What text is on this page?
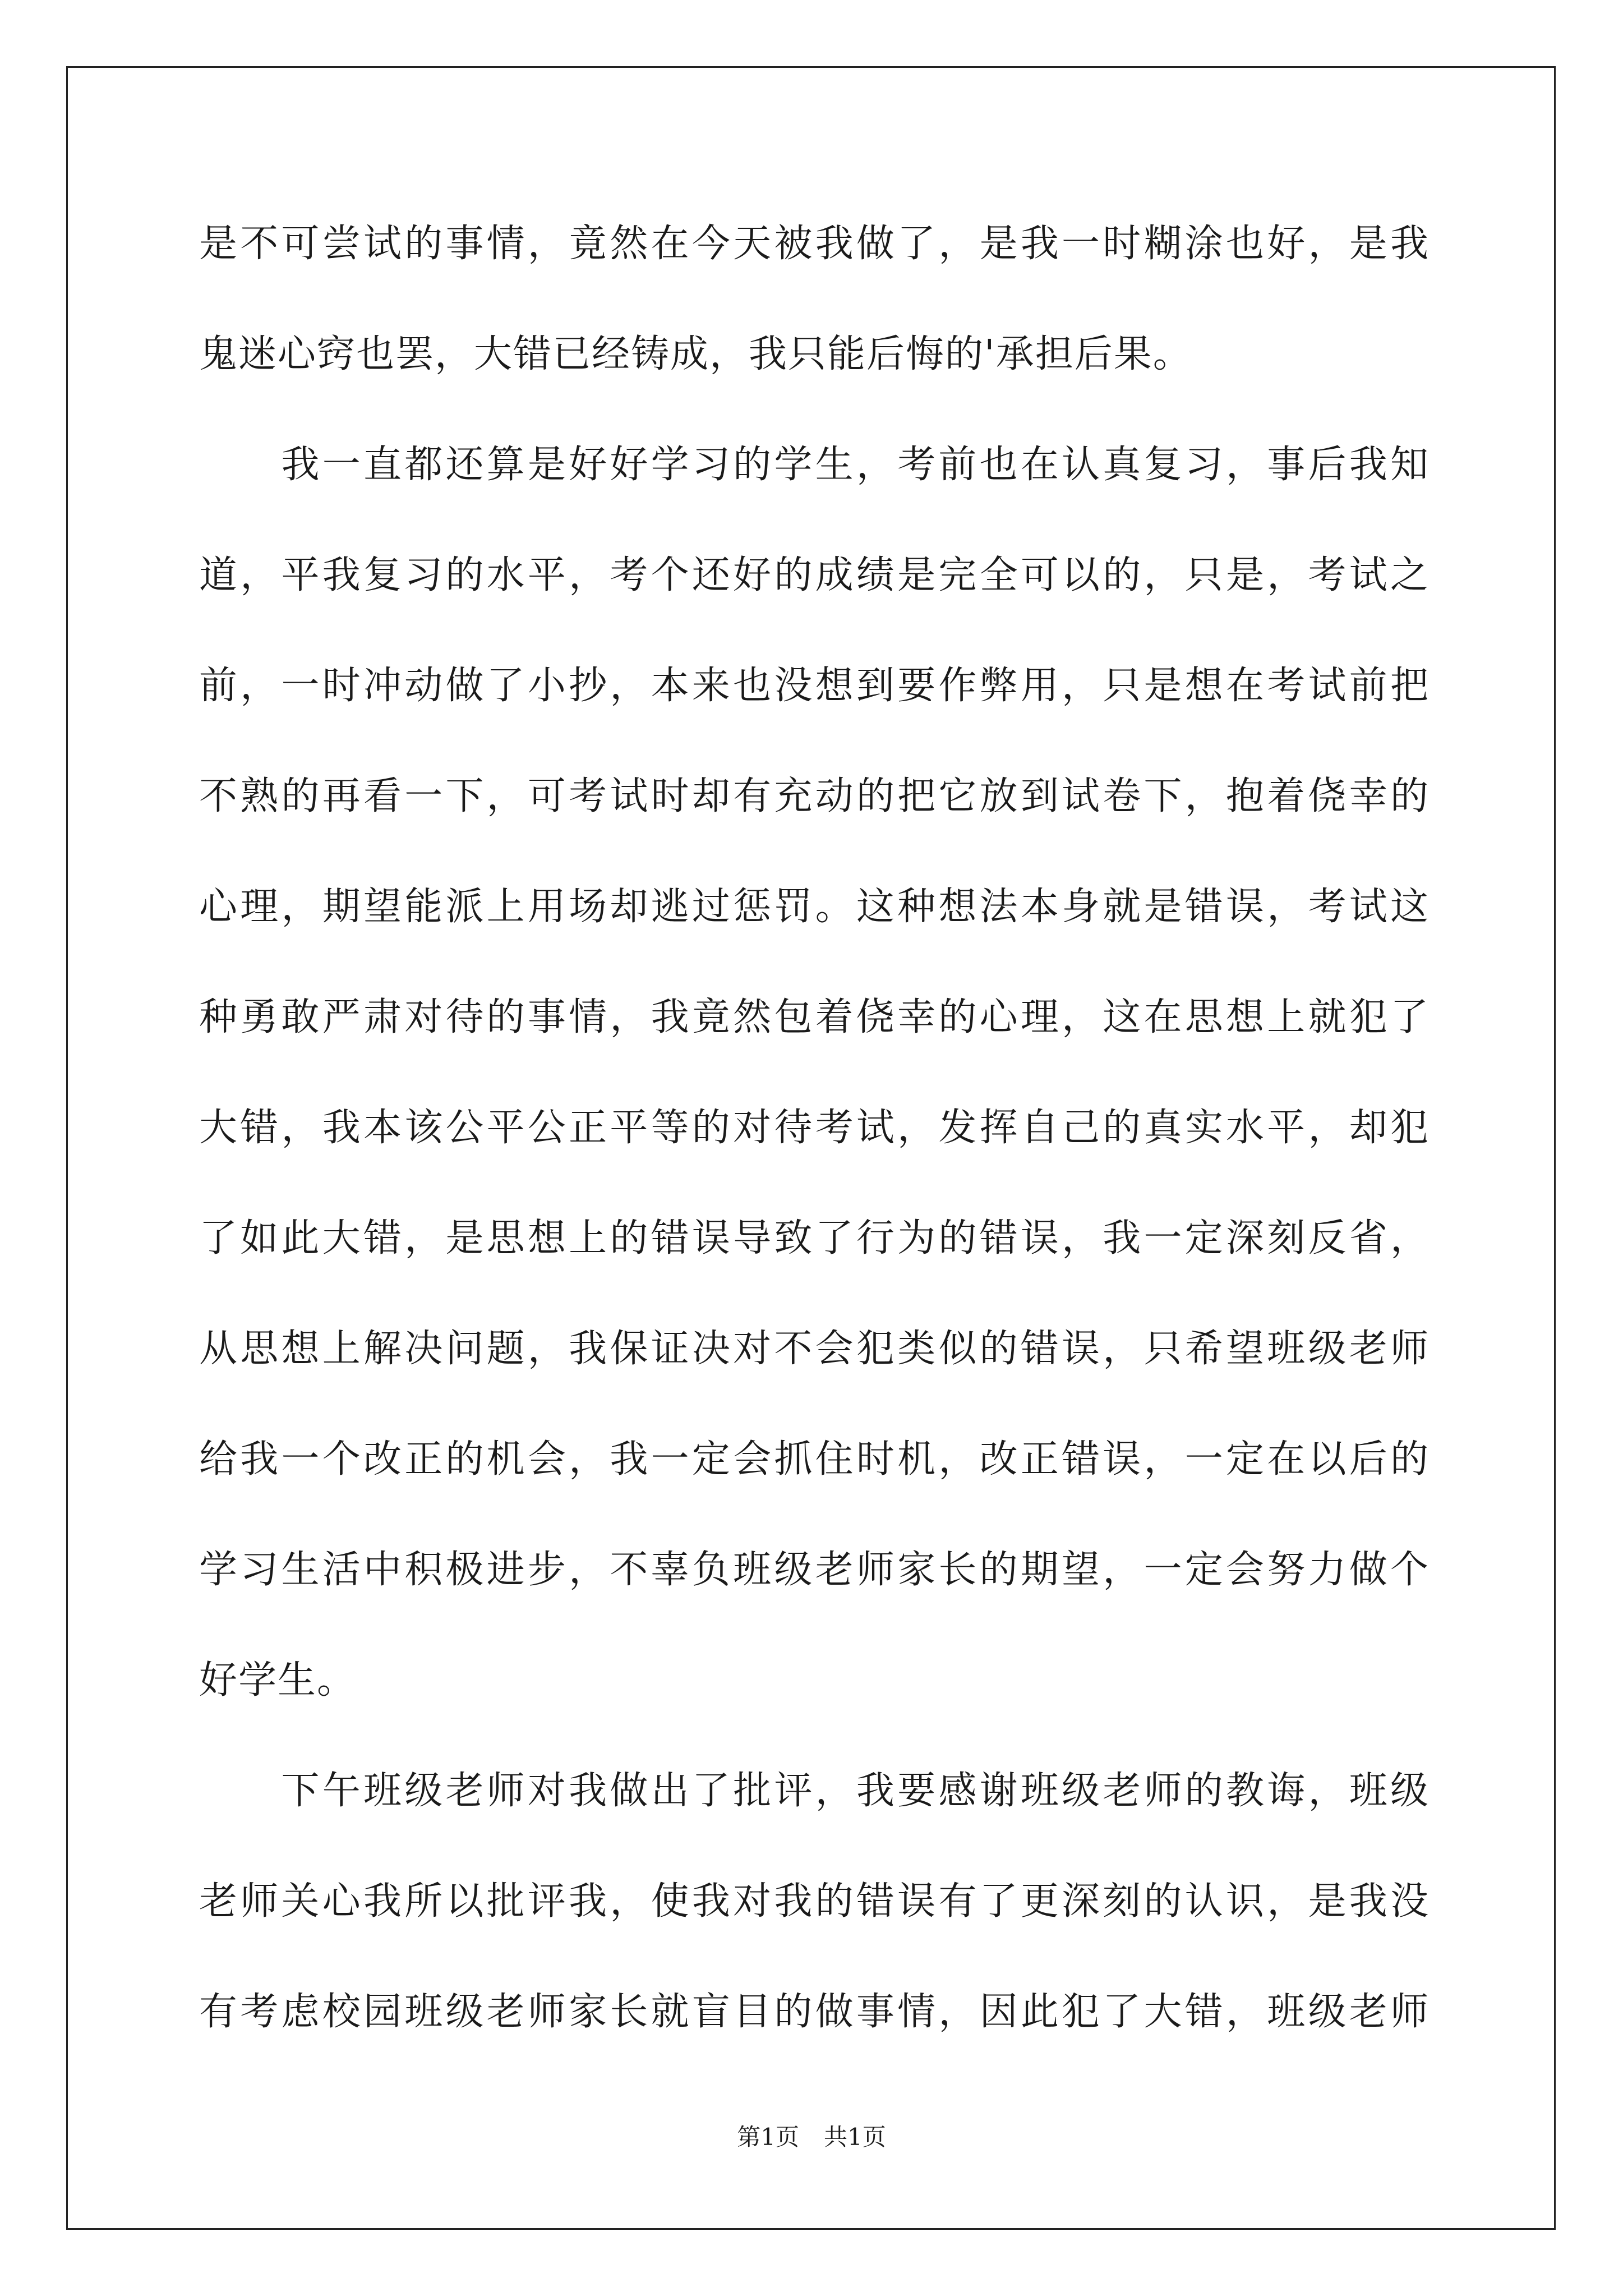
是不可尝试的事情，竟然在今天被我做了，是我一时糊涂也好，是我
鬼迷心窍也罢，大错已经铸成，我只能后悔的'承担后果。
　　我一直都还算是好好学习的学生，考前也在认真复习，事后我知
道，平我复习的水平，考个还好的成绩是完全可以的，只是，考试之
前，一时冲动做了小抄，本来也没想到要作弊用，只是想在考试前把
不熟的再看一下，可考试时却有充动的把它放到试卷下，抱着侥幸的
心理，期望能派上用场却逃过惩罚。这种想法本身就是错误，考试这
种勇敢严肃对待的事情，我竟然包着侥幸的心理，这在思想上就犯了
大错，我本该公平公正平等的对待考试，发挥自己的真实水平，却犯
了如此大错，是思想上的错误导致了行为的错误，我一定深刻反省，
从思想上解决问题，我保证决对不会犯类似的错误，只希望班级老师
给我一个改正的机会，我一定会抓住时机，改正错误，一定在以后的
学习生活中积极进步，不辜负班级老师家长的期望，一定会努力做个
好学生。
　　下午班级老师对我做出了批评，我要感谢班级老师的教诲，班级
老师关心我所以批评我，使我对我的错误有了更深刻的认识，是我没
有考虑校园班级老师家长就盲目的做事情，因此犯了大错，班级老师
第1页 共1页
